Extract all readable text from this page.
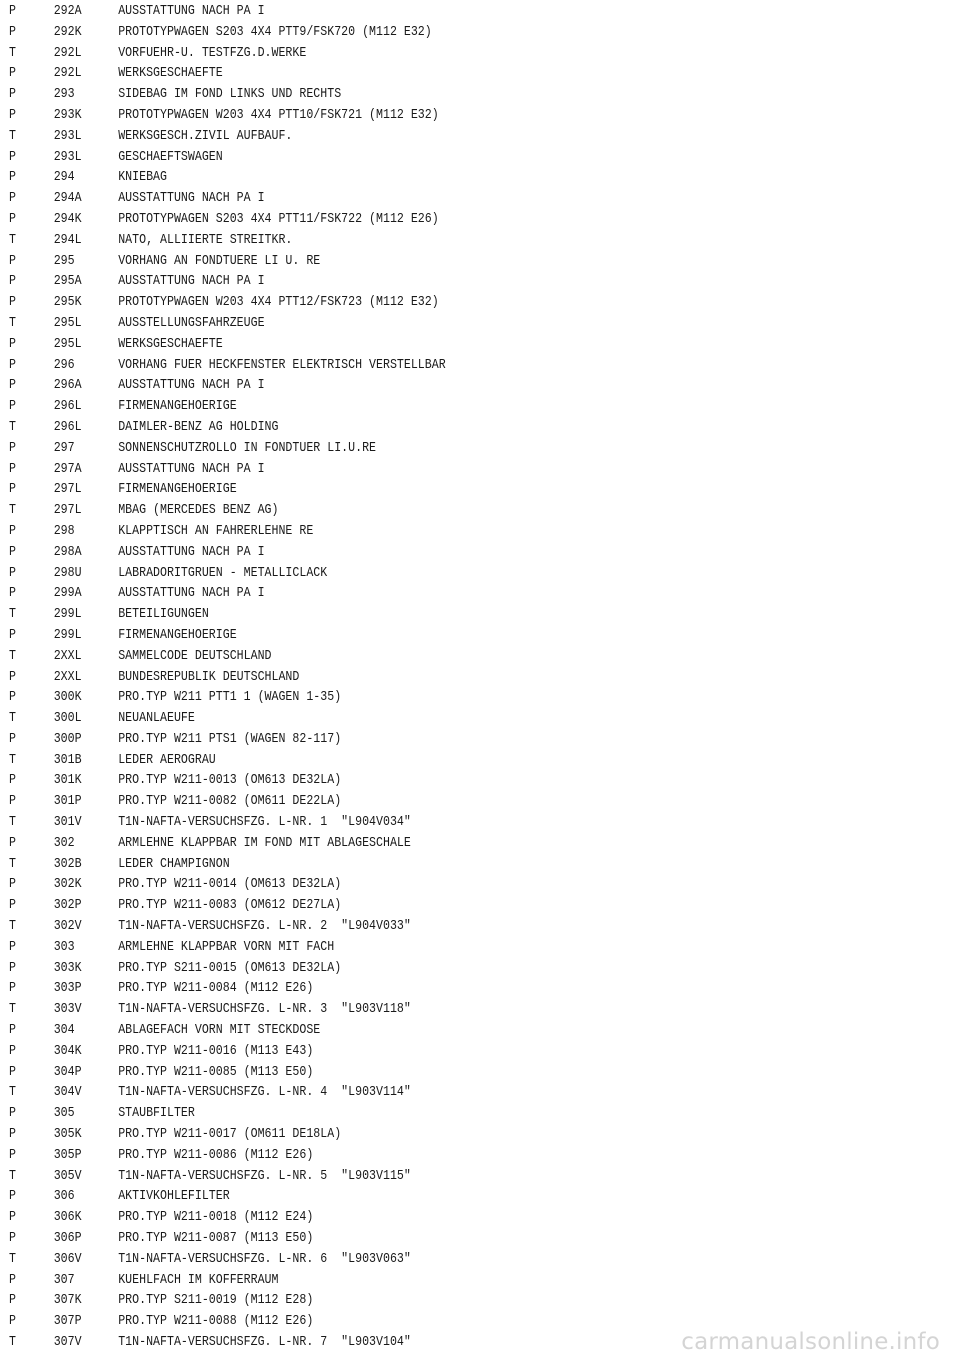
P	292A	AUSSTATTUNG NACH PA I
P	292K	PROTOTYPWAGEN S203 4X4 PTT9/FSK720 (M112 E32)
T	292L	VORFUEHR-U. TESTFZG.D.WERKE
P	292L	WERKSGESCHAEFTE
P	293	SIDEBAG IM FOND LINKS UND RECHTS
P	293K	PROTOTYPWAGEN W203 4X4 PTT10/FSK721 (M112 E32)
T	293L	WERKSGESCH.ZIVIL AUFBAUF.
P	293L	GESCHAEFTSWAGEN
P	294	KNIEBAG
P	294A	AUSSTATTUNG NACH PA I
P	294K	PROTOTYPWAGEN S203 4X4 PTT11/FSK722 (M112 E26)
T	294L	NATO, ALLIIERTE STREITKR.
P	295	VORHANG AN FONDTUERE LI U. RE
P	295A	AUSSTATTUNG NACH PA I
P	295K	PROTOTYPWAGEN W203 4X4 PTT12/FSK723 (M112 E32)
T	295L	AUSSTELLUNGSFAHRZEUGE
P	295L	WERKSGESCHAEFTE
P	296	VORHANG FUER HECKFENSTER ELEKTRISCH VERSTELLBAR
P	296A	AUSSTATTUNG NACH PA I
P	296L	FIRMENANGEHOERIGE
T	296L	DAIMLER-BENZ AG HOLDING
P	297	SONNENSCHUTZROLLO IN FONDTUER LI.U.RE
P	297A	AUSSTATTUNG NACH PA I
P	297L	FIRMENANGEHOERIGE
T	297L	MBAG (MERCEDES BENZ AG)
P	298	KLAPPTISCH AN FAHRERLEHNE RE
P	298A	AUSSTATTUNG NACH PA I
P	298U	LABRADORITGRUEN - METALLICLACK
P	299A	AUSSTATTUNG NACH PA I
T	299L	BETEILIGUNGEN
P	299L	FIRMENANGEHOERIGE
T	2XXL	SAMMELCODE DEUTSCHLAND
P	2XXL	BUNDESREPUBLIK DEUTSCHLAND
P	300K	PRO.TYP W211 PTT1 1 (WAGEN 1-35)
T	300L	NEUANLAEUFE
P	300P	PRO.TYP W211 PTS1 (WAGEN 82-117)
T	301B	LEDER AEROGRAU
P	301K	PRO.TYP W211-0013 (OM613 DE32LA)
P	301P	PRO.TYP W211-0082 (OM611 DE22LA)
T	301V	T1N-NAFTA-VERSUCHSFZG. L-NR. 1  "L904V034"
P	302	ARMLEHNE KLAPPBAR IM FOND MIT ABLAGESCHALE
T	302B	LEDER CHAMPIGNON
P	302K	PRO.TYP W211-0014 (OM613 DE32LA)
P	302P	PRO.TYP W211-0083 (OM612 DE27LA)
T	302V	T1N-NAFTA-VERSUCHSFZG. L-NR. 2  "L904V033"
P	303	ARMLEHNE KLAPPBAR VORN MIT FACH
P	303K	PRO.TYP S211-0015 (OM613 DE32LA)
P	303P	PRO.TYP W211-0084 (M112 E26)
T	303V	T1N-NAFTA-VERSUCHSFZG. L-NR. 3  "L903V118"
P	304	ABLAGEFACH VORN MIT STECKDOSE
P	304K	PRO.TYP W211-0016 (M113 E43)
P	304P	PRO.TYP W211-0085 (M113 E50)
T	304V	T1N-NAFTA-VERSUCHSFZG. L-NR. 4  "L903V114"
P	305	STAUBFILTER
P	305K	PRO.TYP W211-0017 (OM611 DE18LA)
P	305P	PRO.TYP W211-0086 (M112 E26)
T	305V	T1N-NAFTA-VERSUCHSFZG. L-NR. 5  "L903V115"
P	306	AKTIVKOHLEFILTER
P	306K	PRO.TYP W211-0018 (M112 E24)
P	306P	PRO.TYP W211-0087 (M113 E50)
T	306V	T1N-NAFTA-VERSUCHSFZG. L-NR. 6  "L903V063"
P	307	KUEHLFACH IM KOFFERRAUM
P	307K	PRO.TYP S211-0019 (M112 E28)
P	307P	PRO.TYP W211-0088 (M112 E26)
T	307V	T1N-NAFTA-VERSUCHSFZG. L-NR. 7  "L903V104"	carmanualsonline.info
